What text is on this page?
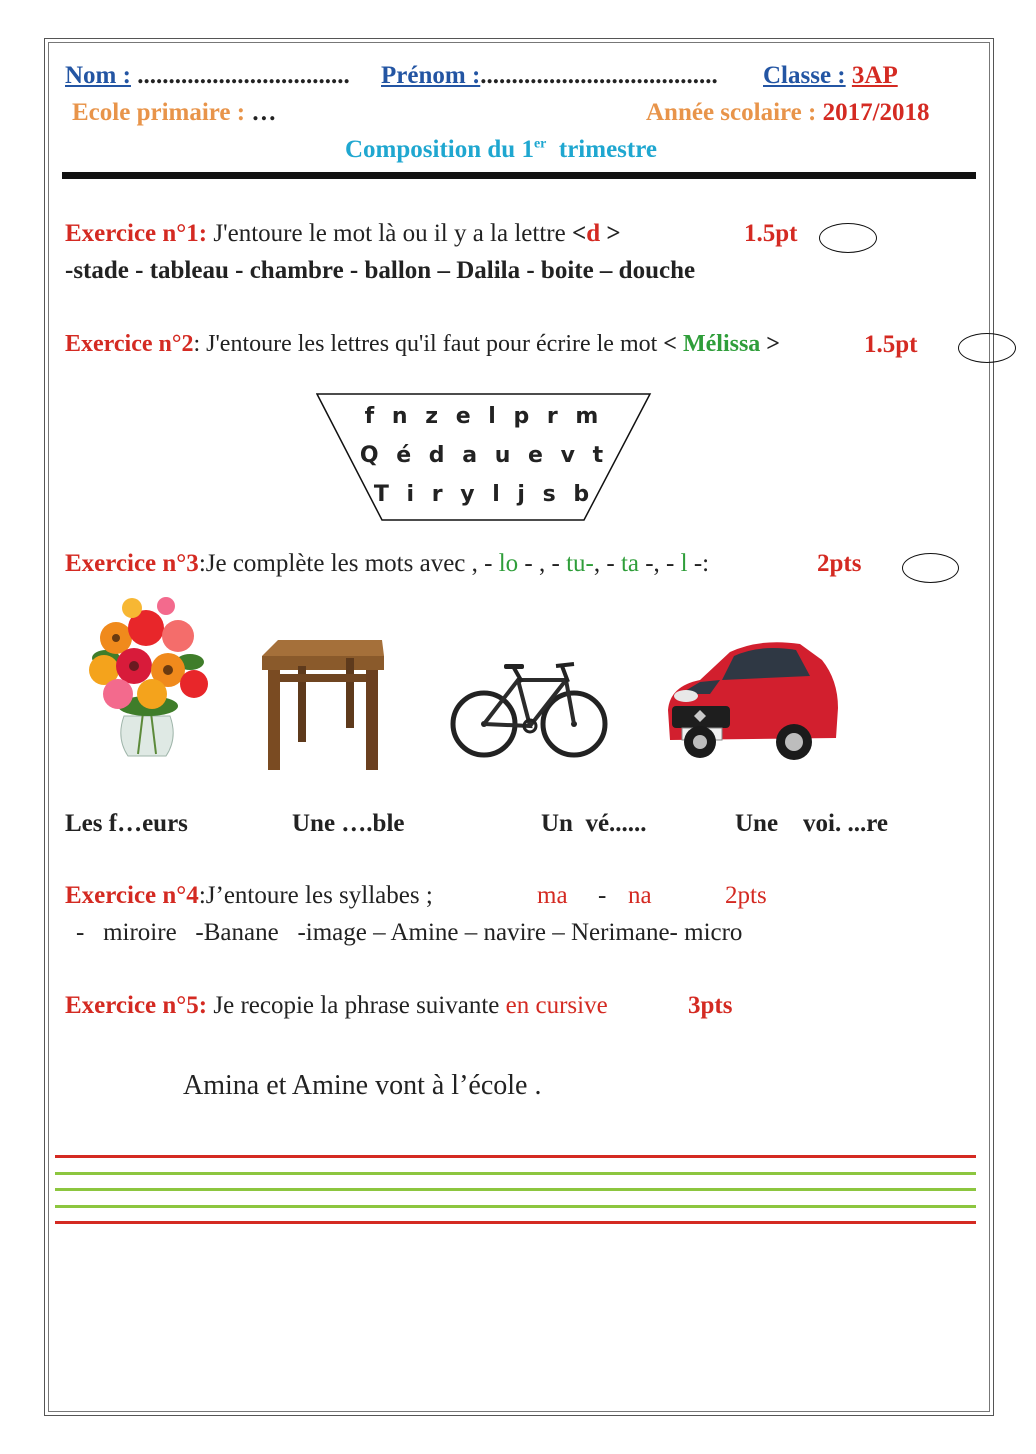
Nom : .................................. Prénom :...................................... Classe : 3AP
Ecole primaire : …	Année scolaire : 2017/2018
Composition du 1er trimestre
Exercice n°1: J'entoure le mot là ou il y a la lettre <d >	1.5pt
-stade - tableau - chambre - ballon – Dalila - boite – douche
Exercice n°2: J'entoure les lettres qu'il faut pour écrire le mot < Mélissa >	1.5pt
f n z e l p r m
Q é d a u e v t
T i r y l j s b
Exercice n°3:Je complète les mots avec , - lo - , - tu-, - ta -, - l -:	2pts
Les f…eurs	Une ….ble	Un  vé......	Une    voi. ...re
Exercice n°4:J’entoure les syllabes ;	ma - na	2pts
-   miroire   -Banane   -image – Amine – navire – Nerimane- micro
Exercice n°5: Je recopie la phrase suivante en cursive	3pts
Amina et Amine vont à l’école .
